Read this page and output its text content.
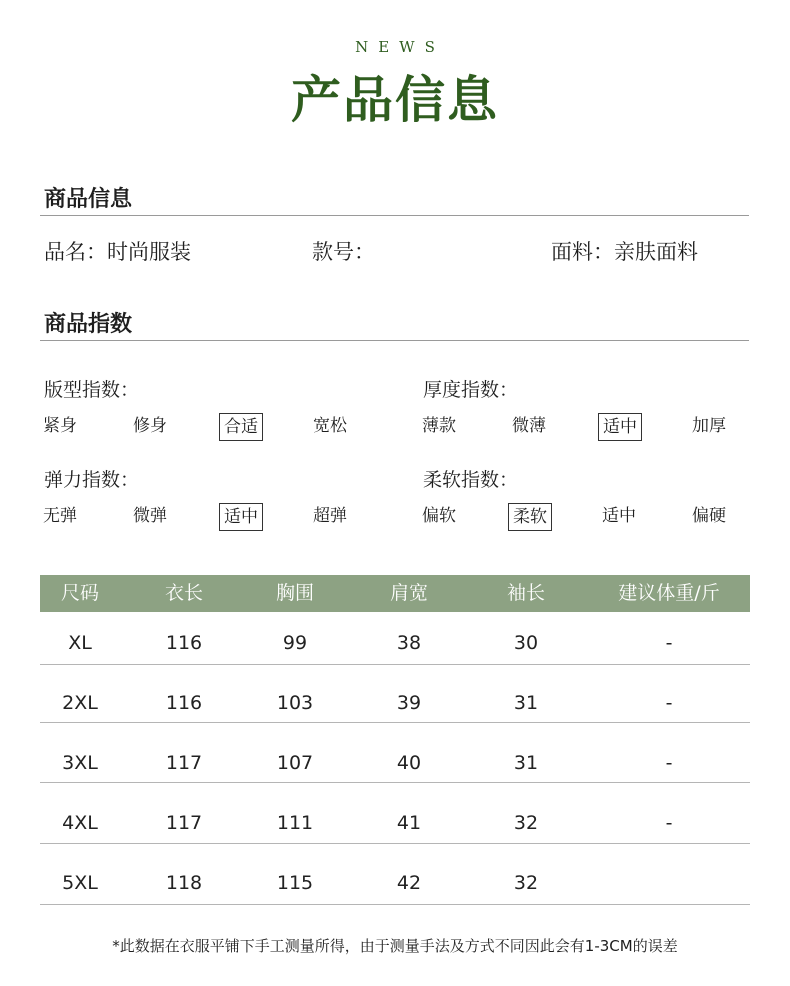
NEWS
产品信息
商品信息
品名：时尚服装	款号：	面料：亲肤面料
商品指数
版型指数：	厚度指数：
弹力指数：	柔软指数：
紧身	修身	合适	宽松	薄款	微薄	适中	加厚
无弹	微弹	适中	超弹	偏软	柔软	适中	偏硬
尺码	衣长	胸围	肩宽	袖长	建议体重/斤
XL	116	99	38	30	-
2XL	116	103	39	31	-
3XL	117	107	40	31	-
4XL	117	111	41	32	-
5XL	118	115	42	32
*此数据在衣服平铺下手工测量所得，由于测量手法及方式不同因此会有1-3CM的误差
